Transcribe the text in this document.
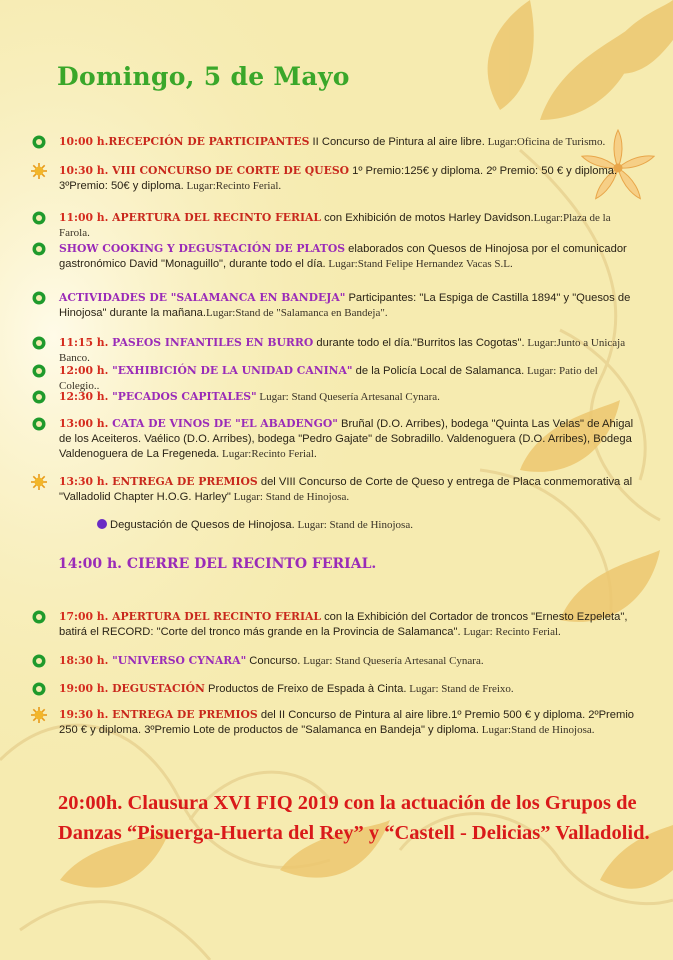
Domingo, 5 de Mayo
10:00 h.RECEPCIÓN DE PARTICIPANTES II Concurso de Pintura al aire libre. Lugar:Oficina de Turismo.
10:30 h. VIII CONCURSO DE CORTE DE QUESO 1º Premio:125€ y diploma. 2º Premio: 50 € y diploma. 3ºPremio: 50€ y diploma. Lugar:Recinto Ferial.
11:00 h. APERTURA DEL RECINTO FERIAL con Exhibición de motos Harley Davidson.Lugar:Plaza de la Farola.
SHOW COOKING Y DEGUSTACIÓN DE PLATOS elaborados con Quesos de Hinojosa por el comunicador gastronómico David "Monaguillo", durante todo el día. Lugar:Stand Felipe Hernandez Vacas S.L.
ACTIVIDADES DE "SALAMANCA EN BANDEJA" Participantes: "La Espiga de Castilla 1894" y "Quesos de Hinojosa" durante la mañana.Lugar:Stand de "Salamanca en Bandeja".
11:15 h. PASEOS INFANTILES EN BURRO durante todo el día."Burritos las Cogotas". Lugar:Junto a Unicaja Banco.
12:00 h. "EXHIBICIÓN DE LA UNIDAD CANINA" de la Policía Local de Salamanca. Lugar: Patio del Colegio..
12:30 h. "PECADOS CAPITALES" Lugar: Stand Quesería Artesanal Cynara.
13:00 h. CATA DE VINOS DE "EL ABADENGO" Bruñal (D.O. Arribes), bodega "Quinta Las Velas" de Ahigal de los Aceiteros. Vaélico (D.O. Arribes), bodega "Pedro Gajate" de Sobradillo. Valdenoguera (D.O. Arribes), Bodega Valdenoguera de La Fregeneda. Lugar:Recinto Ferial.
13:30 h. ENTREGA DE PREMIOS del VIII Concurso de Corte de Queso y entrega de Placa conmemorativa al "Valladolid Chapter H.O.G. Harley" Lugar: Stand de Hinojosa.
Degustación de Quesos de Hinojosa. Lugar: Stand de Hinojosa.
14:00 h. CIERRE DEL RECINTO FERIAL.
17:00 h. APERTURA DEL RECINTO FERIAL con la Exhibición del Cortador de troncos "Ernesto Ezpeleta", batirá el RECORD: "Corte del tronco más grande en la Provincia de Salamanca". Lugar: Recinto Ferial.
18:30 h. "UNIVERSO CYNARA" Concurso. Lugar: Stand Quesería Artesanal Cynara.
19:00 h. DEGUSTACIÓN Productos de Freixo de Espada à Cinta. Lugar: Stand de Freixo.
19:30 h. ENTREGA DE PREMIOS del II Concurso de Pintura al aire libre.1º Premio 500 € y diploma. 2ºPremio 250 € y diploma. 3ºPremio Lote de productos de "Salamanca en Bandeja" y diploma. Lugar:Stand de Hinojosa.
20:00h. Clausura XVI FIQ 2019 con la actuación de los Grupos de Danzas “Pisuerga-Huerta del Rey” y “Castell - Delicias” Valladolid.
